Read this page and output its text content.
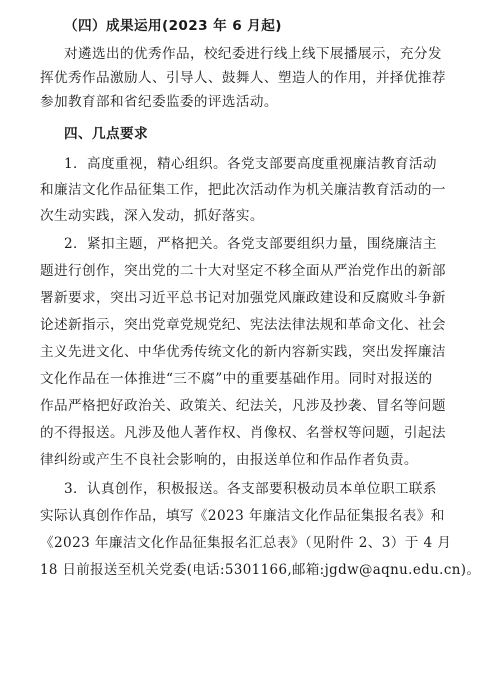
（四）成果运用(2023 年 6 月起)
对遴选出的优秀作品，校纪委进行线上线下展播展示，充分发
挥优秀作品激励人、引导人、鼓舞人、塑造人的作用，并择优推荐
参加教育部和省纪委监委的评选活动。
四、几点要求
1．高度重视，精心组织。各党支部要高度重视廉洁教育活动
和廉洁文化作品征集工作，把此次活动作为机关廉洁教育活动的一
次生动实践，深入发动，抓好落实。
2．紧扣主题，严格把关。各党支部要组织力量，围绕廉洁主
题进行创作，突出党的二十大对坚定不移全面从严治党作出的新部
署新要求，突出习近平总书记对加强党风廉政建设和反腐败斗争新
论述新指示，突出党章党规党纪、宪法法律法规和革命文化、社会
主义先进文化、中华优秀传统文化的新内容新实践，突出发挥廉洁
文化作品在一体推进“三不腐”中的重要基础作用。同时对报送的
作品严格把好政治关、政策关、纪法关，凡涉及抄袭、冒名等问题
的不得报送。凡涉及他人著作权、肖像权、名誉权等问题，引起法
律纠纷或产生不良社会影响的，由报送单位和作品作者负责。
3．认真创作，积极报送。各支部要积极动员本单位职工联系
实际认真创作作品，填写《2023 年廉洁文化作品征集报名表》和
《2023 年廉洁文化作品征集报名汇总表》（见附件 2、3）于 4 月
18 日前报送至机关党委(电话:5301166,邮箱:jgdw@aqnu.edu.cn)。
